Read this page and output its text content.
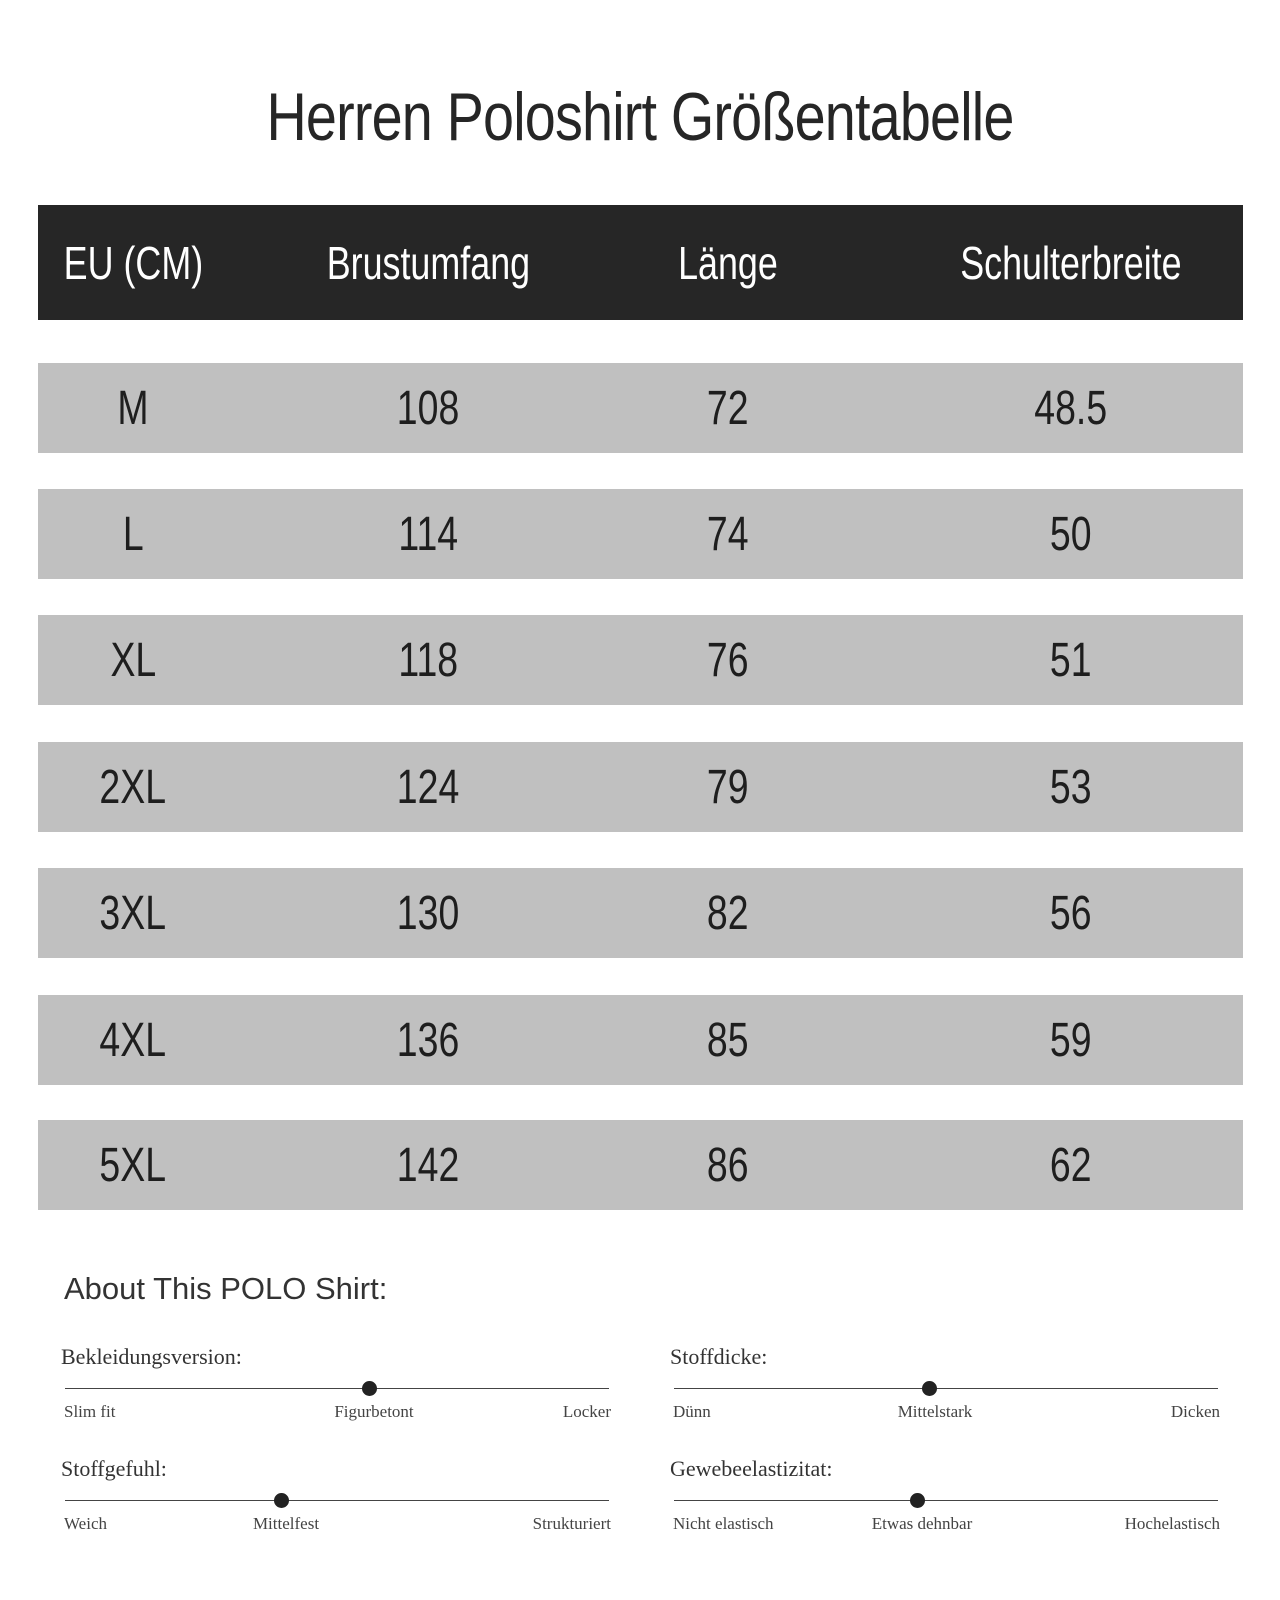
Herren Poloshirt Größentabelle
EU (CM)	Brustumfang	Länge	Schulterbreite
M	108	72	48.5
L	114	74	50
XL	118	76	51
2XL	124	79	53
3XL	130	82	56
4XL	136	85	59
5XL	142	86	62
About This POLO Shirt:
Bekleidungsversion:
Slim fit	Figurbetont	Locker
Stoffdicke:
Dünn	Mittelstark	Dicken
Stoffgefuhl:
Weich	Mittelfest	Strukturiert
Gewebeelastizitat:
Nicht elastisch	Etwas dehnbar	Hochelastisch
